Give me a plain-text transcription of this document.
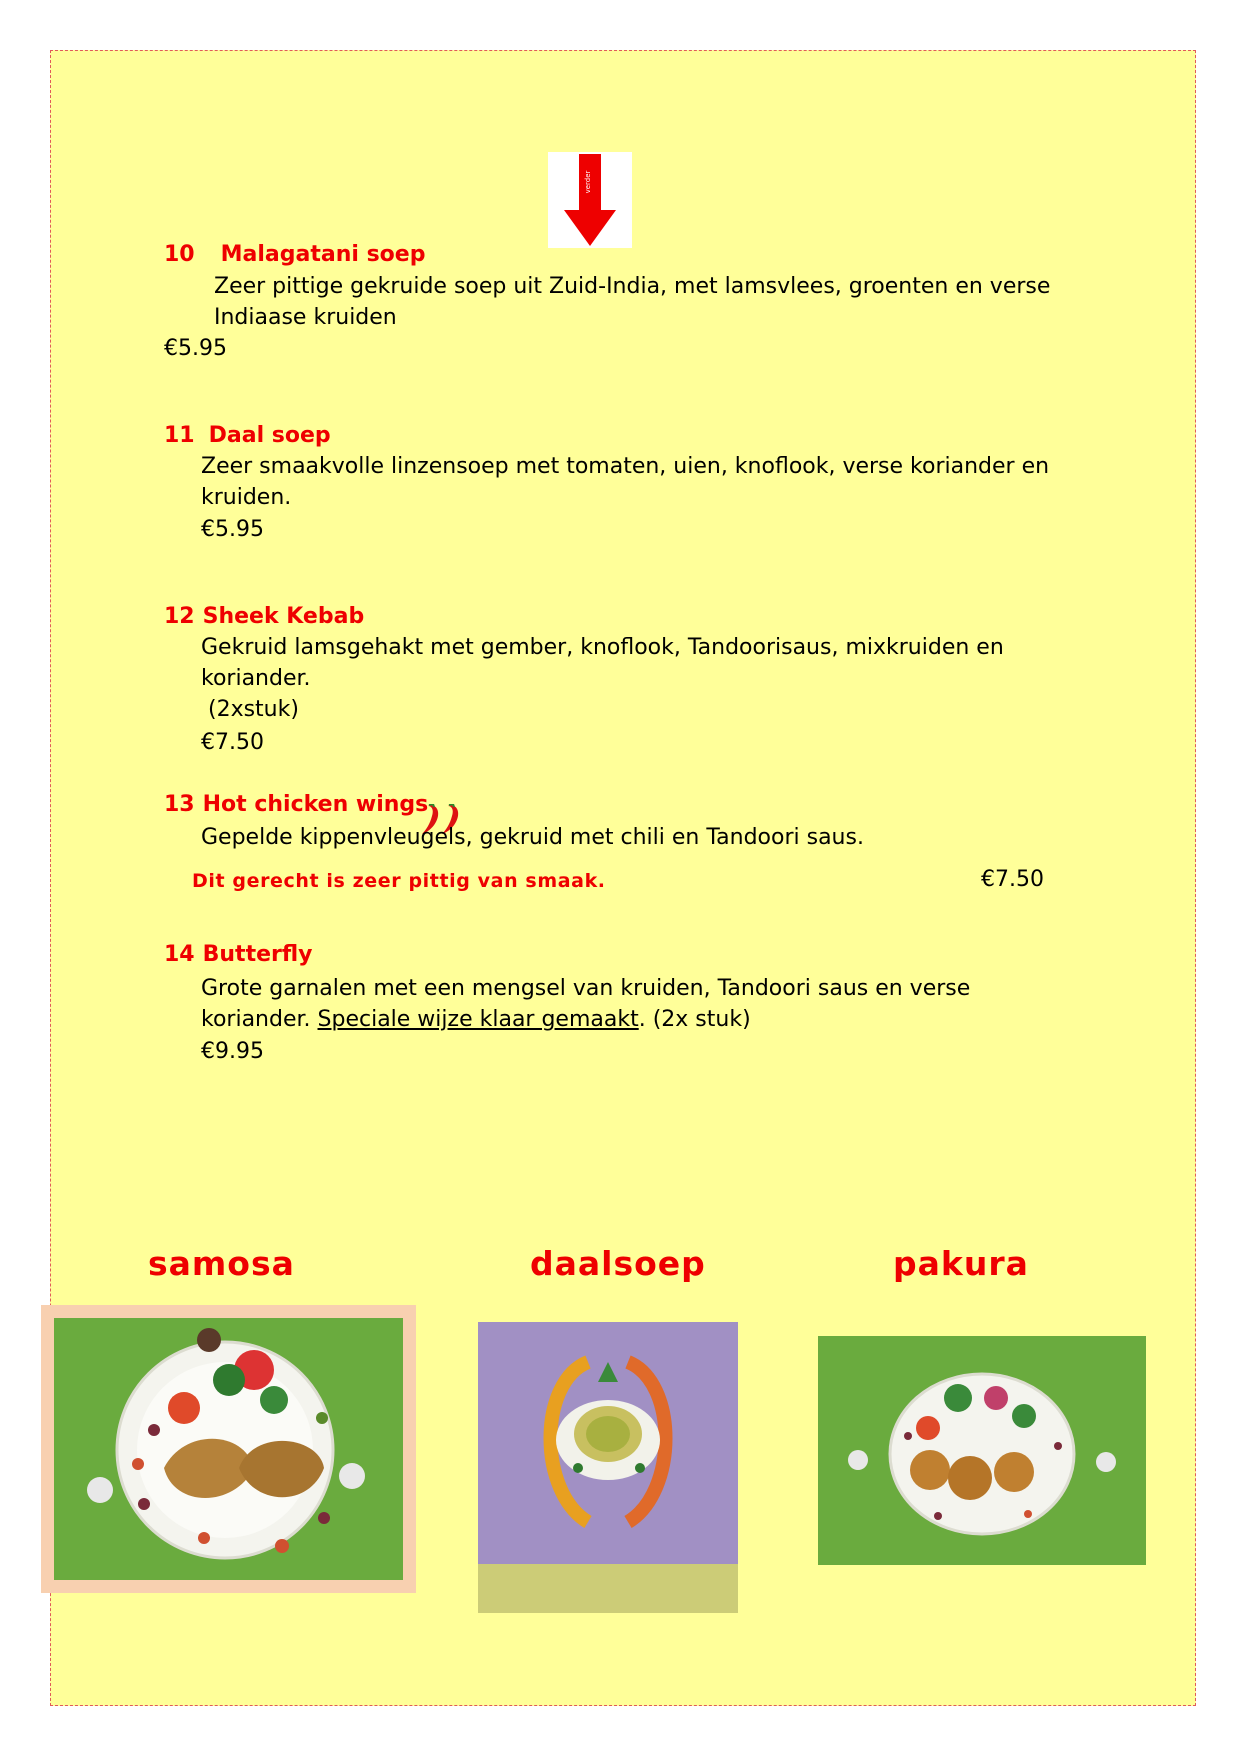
verder
10 Malagatani soep
Zeer pittige gekruide soep uit Zuid-India, met lamsvlees, groenten en verse
Indiaase kruiden
€5.95
11 Daal soep
Zeer smaakvolle linzensoep met tomaten, uien, knoflook, verse koriander en
kruiden.
€5.95
12 Sheek Kebab
Gekruid lamsgehakt met gember, knoflook, Tandoorisaus, mixkruiden en
koriander.
(2xstuk)
€7.50
13 Hot chicken wings
Gepelde kippenvleugels, gekruid met chili en Tandoori saus.
Dit gerecht is zeer pittig van smaak.	€7.50
14 Butterfly
Grote garnalen met een mengsel van kruiden, Tandoori saus en verse
koriander. Speciale wijze klaar gemaakt. (2x stuk)
€9.95
samosa	daalsoep	pakura
